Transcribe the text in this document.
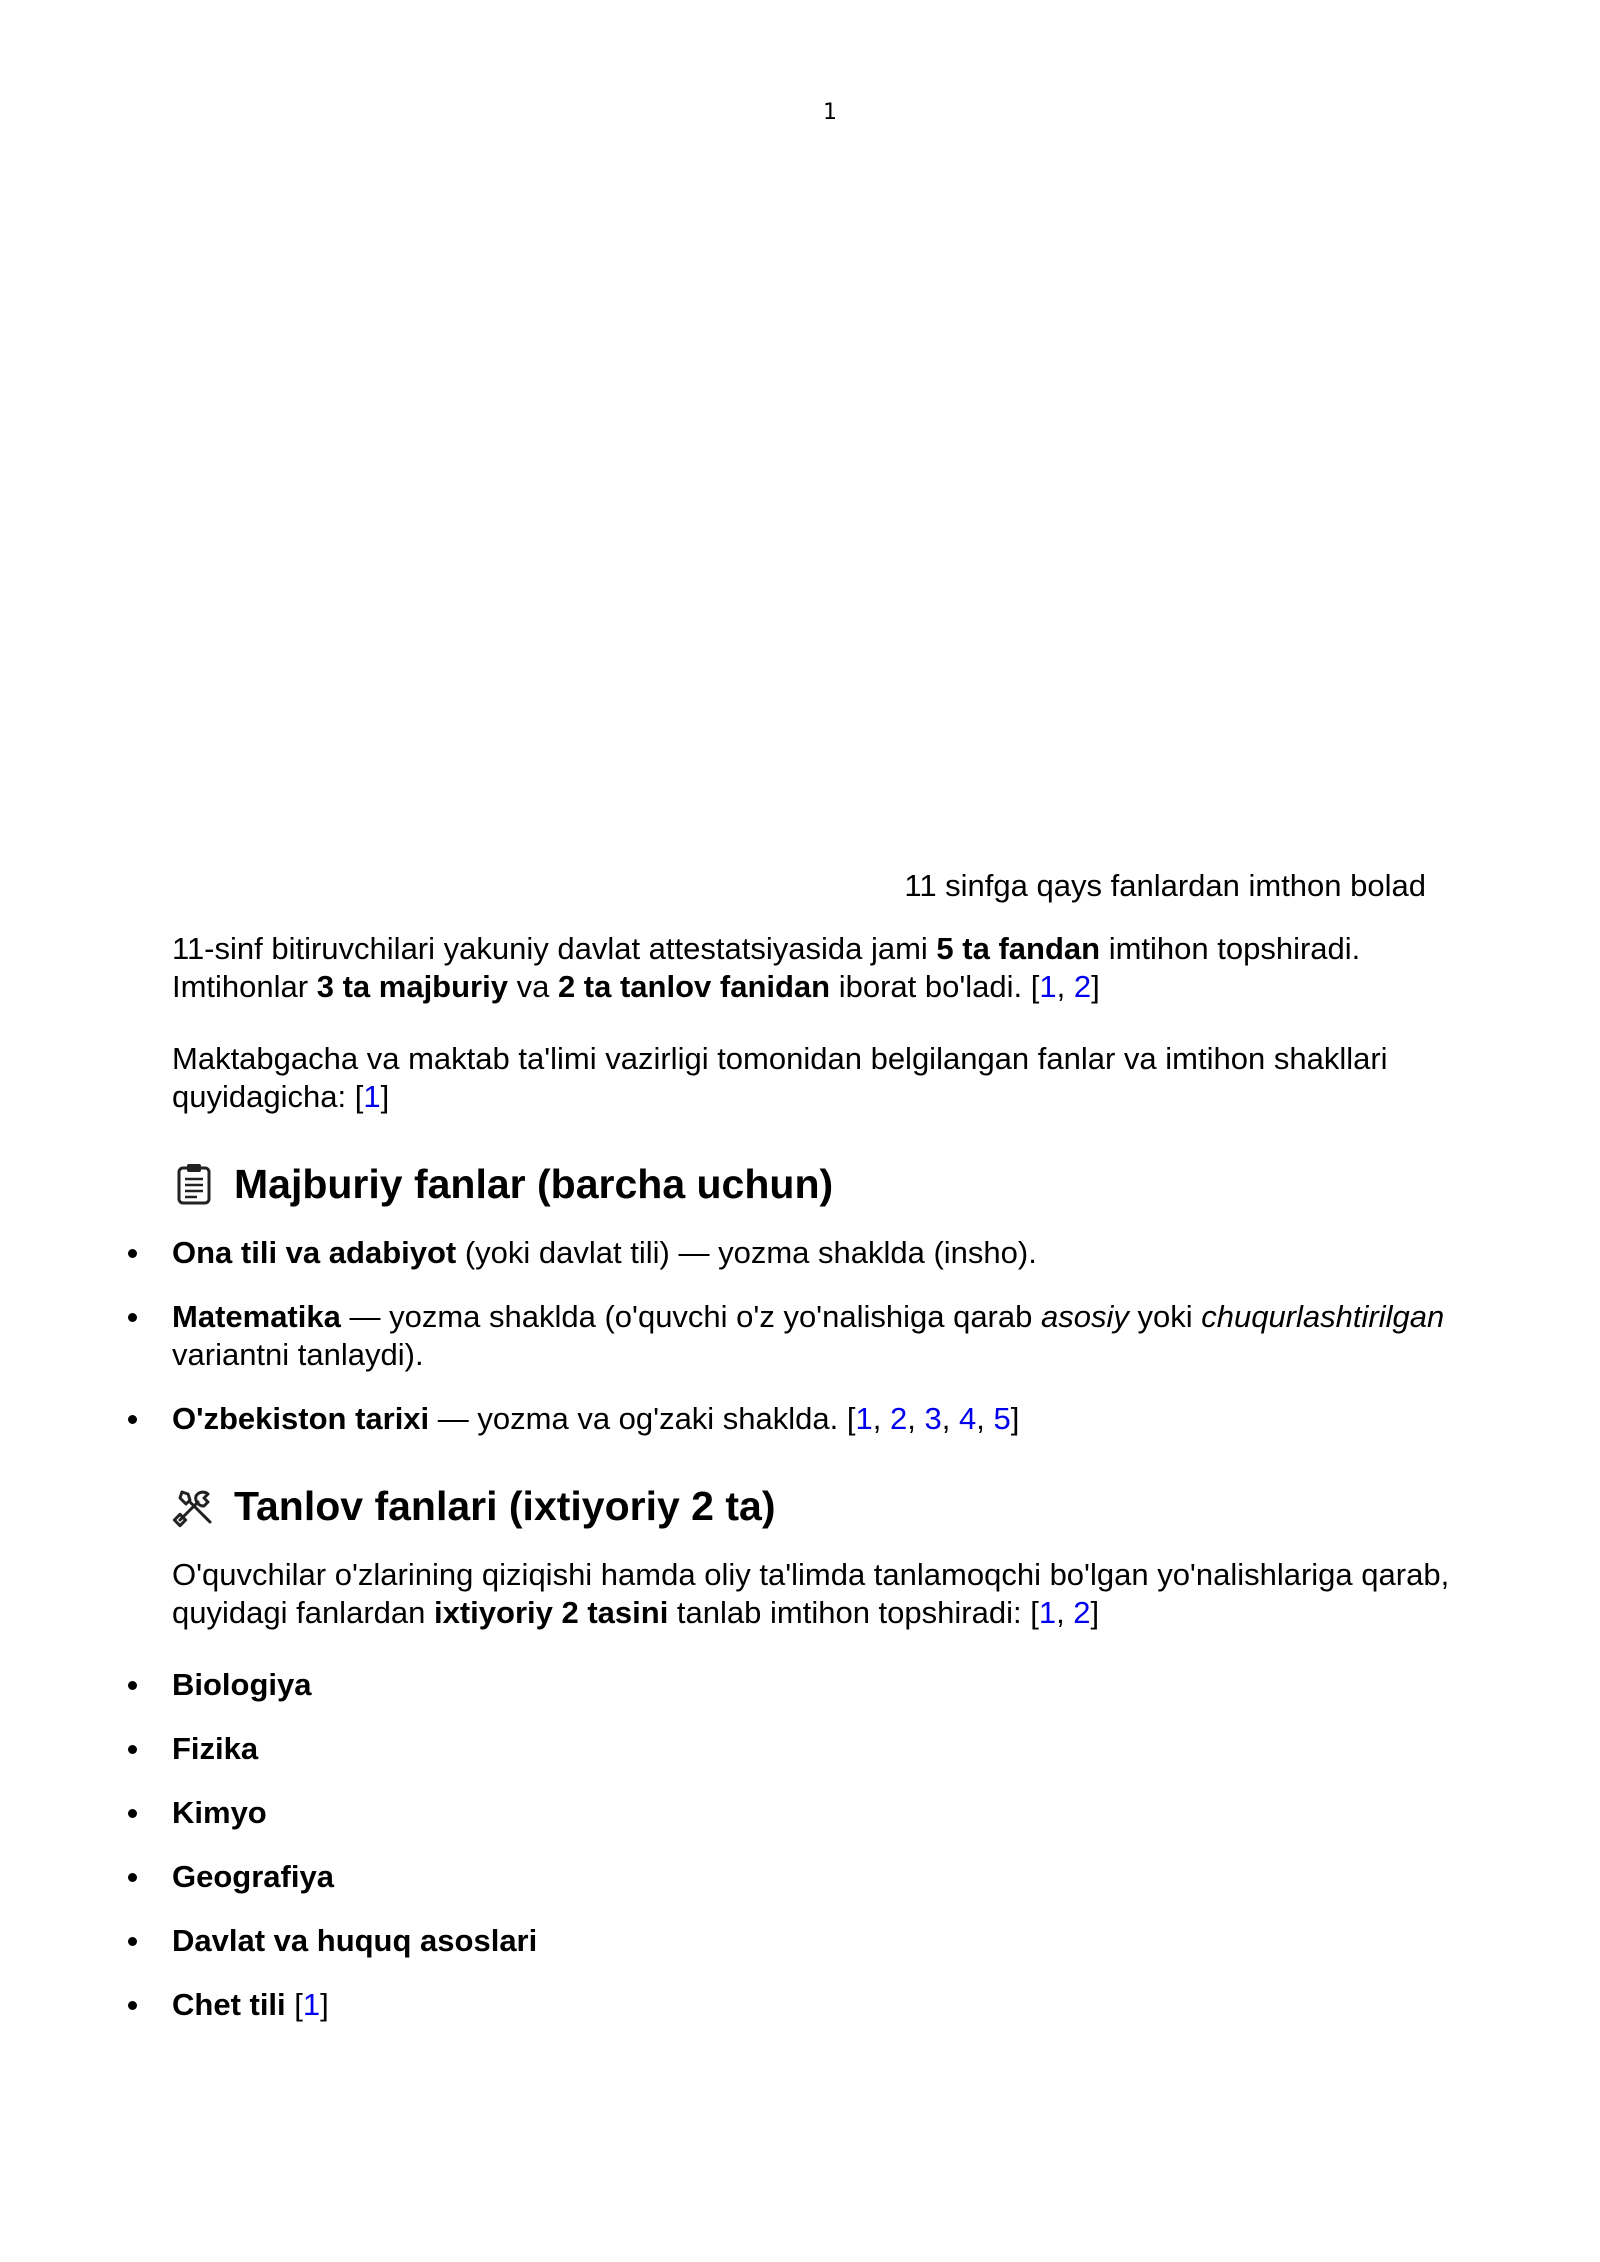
1
11 sinfga qays fanlardan imthon bolad

11-sinf bitiruvchilari yakuniy davlat attestatsiyasida jami 5 ta fandan imtihon topshiradi. Imtihonlar 3 ta majburiy va 2 ta tanlov fanidan iborat bo'ladi. [1, 2]

Maktabgacha va maktab ta'limi vazirligi tomonidan belgilangan fanlar va imtihon shakllari quyidagicha: [1]

Majburiy fanlar (barcha uchun)
Ona tili va adabiyot (yoki davlat tili) — yozma shaklda (insho).
Matematika — yozma shaklda (o'quvchi o'z yo'nalishiga qarab asosiy yoki chuqurlashtirilgan variantni tanlaydi).
O'zbekiston tarixi — yozma va og'zaki shaklda. [1, 2, 3, 4, 5]
Tanlov fanlari (ixtiyoriy 2 ta)

O'quvchilar o'zlarining qiziqishi hamda oliy ta'limda tanlamoqchi bo'lgan yo'nalishlariga qarab, quyidagi fanlardan ixtiyoriy 2 tasini tanlab imtihon topshiradi: [1, 2]

Biologiya
Fizika
Kimyo
Geografiya
Davlat va huquq asoslari
Chet tili [1]
